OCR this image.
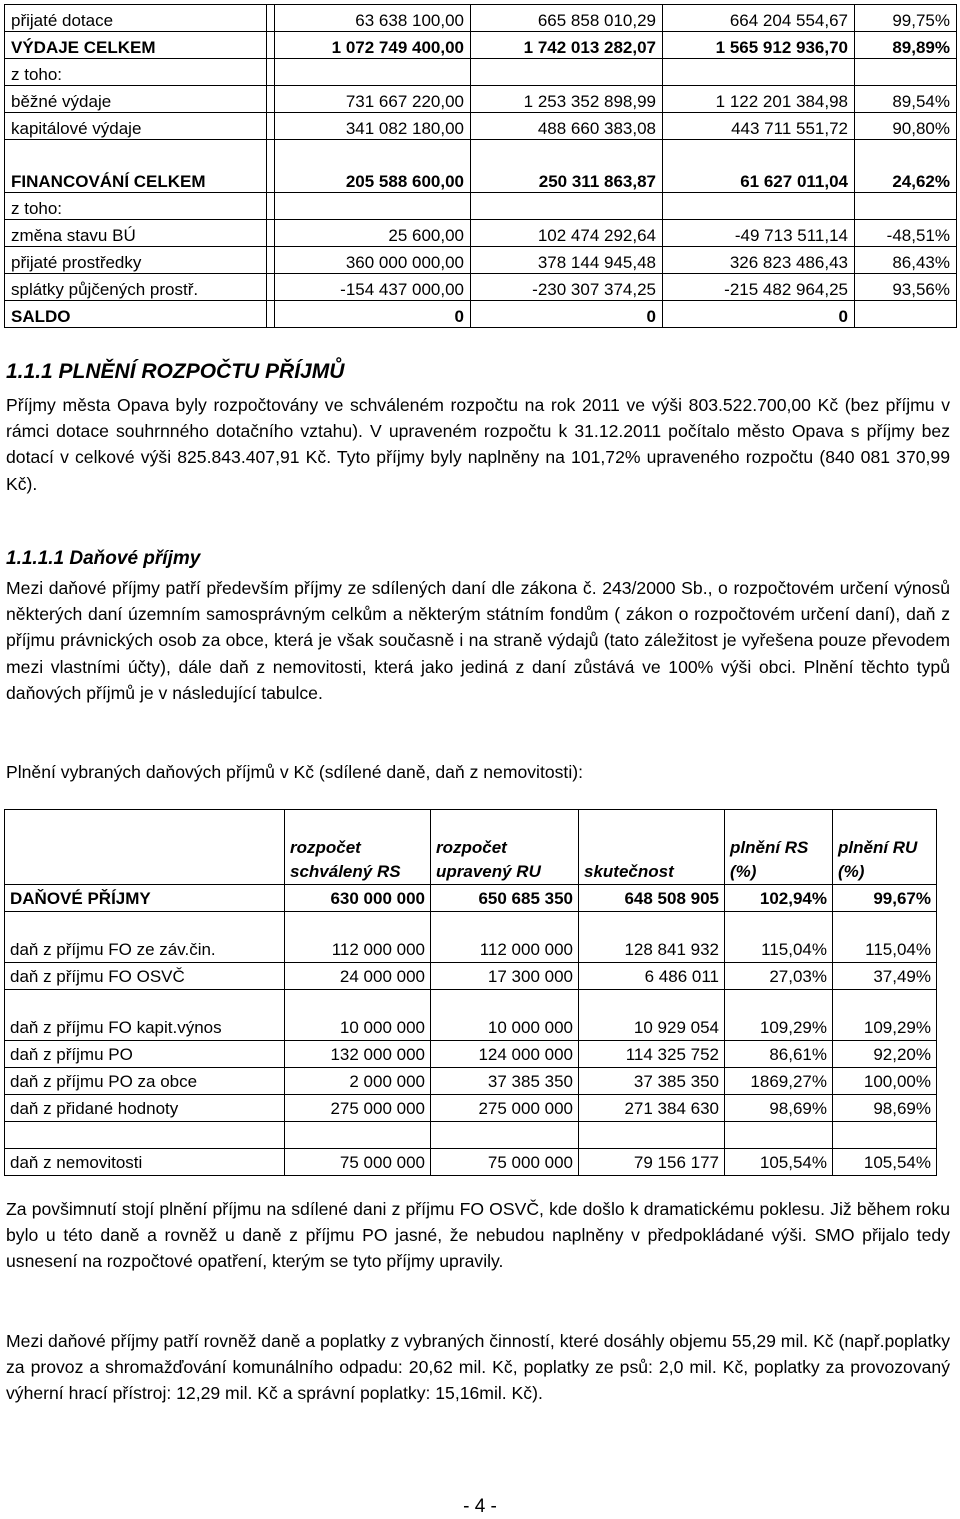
přijaté dotace		63 638 100,00	665 858 010,29	664 204 554,67	99,75%
VÝDAJE CELKEM		1 072 749 400,00	1 742 013 282,07	1 565 912 936,70	89,89%
z toho:					
běžné výdaje		731 667 220,00	1 253 352 898,99	1 122 201 384,98	89,54%
kapitálové výdaje		341 082 180,00	488 660 383,08	443 711 551,72	90,80%
FINANCOVÁNÍ CELKEM		205 588 600,00	250 311 863,87	61 627 011,04	24,62%
z toho:					
změna stavu BÚ		25 600,00	102 474 292,64	-49 713 511,14	-48,51%
přijaté prostředky		360 000 000,00	378 144 945,48	326 823 486,43	86,43%
splátky půjčených prostř.		-154 437 000,00	-230 307 374,25	-215 482 964,25	93,56%
SALDO		0	0	0	
1.1.1 PLNĚNÍ ROZPOČTU PŘÍJMŮ

Příjmy města Opava byly rozpočtovány ve schváleném rozpočtu na rok 2011 ve výši 803.522.700,00 Kč (bez příjmu v rámci dotace souhrnného dotačního vztahu). V upraveném rozpočtu k 31.12.2011 počítalo město Opava s příjmy bez dotací v celkové výši 825.843.407,91 Kč. Tyto příjmy byly naplněny na 101,72% upraveného rozpočtu (840 081 370,99 Kč).

1.1.1.1 Daňové příjmy

Mezi daňové příjmy patří především příjmy ze sdílených daní dle zákona č. 243/2000 Sb., o rozpočtovém určení výnosů některých daní územním samosprávným celkům a některým státním fondům ( zákon o rozpočtovém určení daní), daň z příjmu právnických osob za obce, která je však současně i na straně výdajů (tato záležitost je vyřešena pouze převodem mezi vlastními účty), dále daň z nemovitosti, která jako jediná z daní zůstává ve 100% výši obci. Plnění těchto typů daňových příjmů je v následující tabulce.

Plnění vybraných daňových příjmů v Kč (sdílené daně, daň z nemovitosti):

	rozpočet schválený RS	rozpočet upravený RU	skutečnost	plnění RS (%)	plnění RU (%)
DAŇOVÉ PŘÍJMY	630 000 000	650 685 350	648 508 905	102,94%	99,67%
daň z příjmu FO ze záv.čin.	112 000 000	112 000 000	128 841 932	115,04%	115,04%
daň z příjmu FO OSVČ	24 000 000	17 300 000	6 486 011	27,03%	37,49%
daň z příjmu FO kapit.výnos	10 000 000	10 000 000	10 929 054	109,29%	109,29%
daň z příjmu PO	132 000 000	124 000 000	114 325 752	86,61%	92,20%
daň z příjmu PO za obce	2 000 000	37 385 350	37 385 350	1869,27%	100,00%
daň z přidané hodnoty	275 000 000	275 000 000	271 384 630	98,69%	98,69%

daň z nemovitosti	75 000 000	75 000 000	79 156 177	105,54%	105,54%

Za povšimnutí stojí plnění příjmu na sdílené dani z příjmu FO OSVČ, kde došlo k dramatickému poklesu. Již během roku bylo u této daně a rovněž u daně z příjmu PO jasné, že nebudou naplněny v předpokládané výši. SMO přijalo tedy usnesení na rozpočtové opatření, kterým se tyto příjmy upravily.

Mezi daňové příjmy patří rovněž daně a poplatky z vybraných činností, které dosáhly objemu 55,29 mil. Kč (např.poplatky za provoz a shromažďování komunálního odpadu: 20,62 mil. Kč, poplatky ze psů: 2,0 mil. Kč, poplatky za provozovaný výherní hrací přístroj: 12,29 mil. Kč a správní poplatky: 15,16mil. Kč).

- 4 -
